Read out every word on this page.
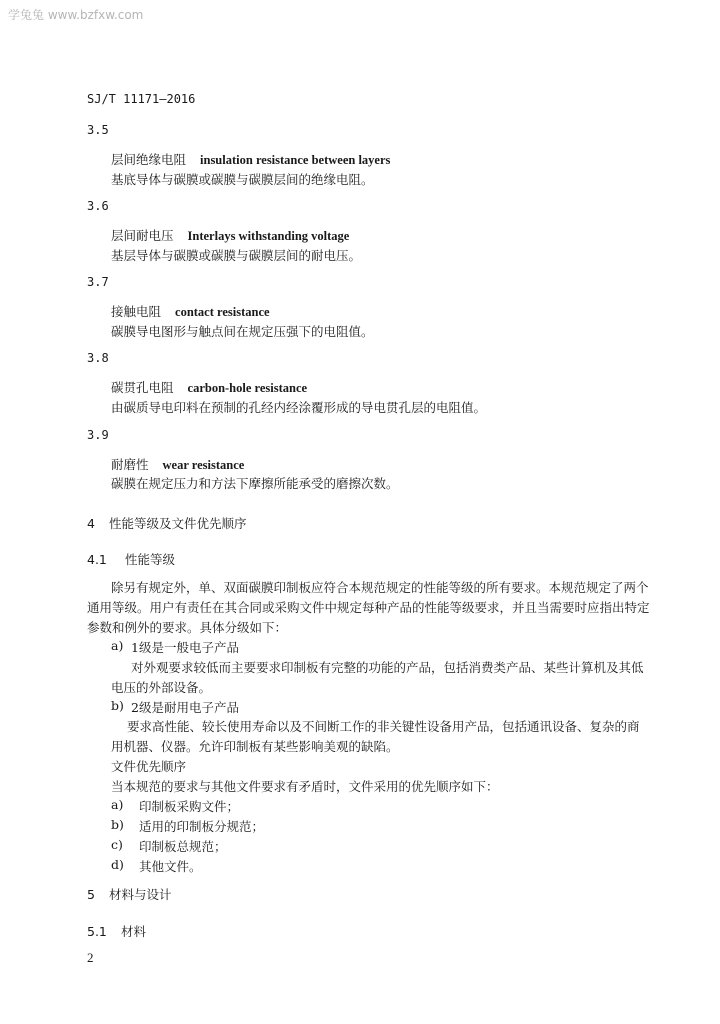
学兔兔 www.bzfxw.com
SJ/T 11171—2016
3.5
层间绝缘电阻 insulation resistance between layers
基底导体与碳膜或碳膜与碳膜层间的绝缘电阻。
3.6
层间耐电压 Interlays withstanding voltage
基层导体与碳膜或碳膜与碳膜层间的耐电压。
3.7
接触电阻 contact resistance
碳膜导电图形与触点间在规定压强下的电阻值。
3.8
碳贯孔电阻 carbon-hole resistance
由碳质导电印料在预制的孔经内经涂覆形成的导电贯孔层的电阻值。
3.9
耐磨性 wear resistance
碳膜在规定压力和方法下摩擦所能承受的磨擦次数。
4 性能等级及文件优先顺序
4.1 性能等级
除另有规定外，单、双面碳膜印制板应符合本规范规定的性能等级的所有要求。本规范规定了两个
通用等级。用户有责任在其合同或采购文件中规定每种产品的性能等级要求，并且当需要时应指出特定
参数和例外的要求。具体分级如下：
a) 1级是一般电子产品
对外观要求较低而主要要求印制板有完整的功能的产品，包括消费类产品、某些计算机及其低
电压的外部设备。
b) 2级是耐用电子产品
要求高性能、较长使用寿命以及不间断工作的非关键性设备用产品，包括通讯设备、复杂的商
用机器、仪器。允许印制板有某些影响美观的缺陷。
文件优先顺序
当本规范的要求与其他文件要求有矛盾时，文件采用的优先顺序如下：
a) 印制板采购文件；
b) 适用的印制板分规范；
c) 印制板总规范；
d) 其他文件。
5 材料与设计
5.1 材料
2
